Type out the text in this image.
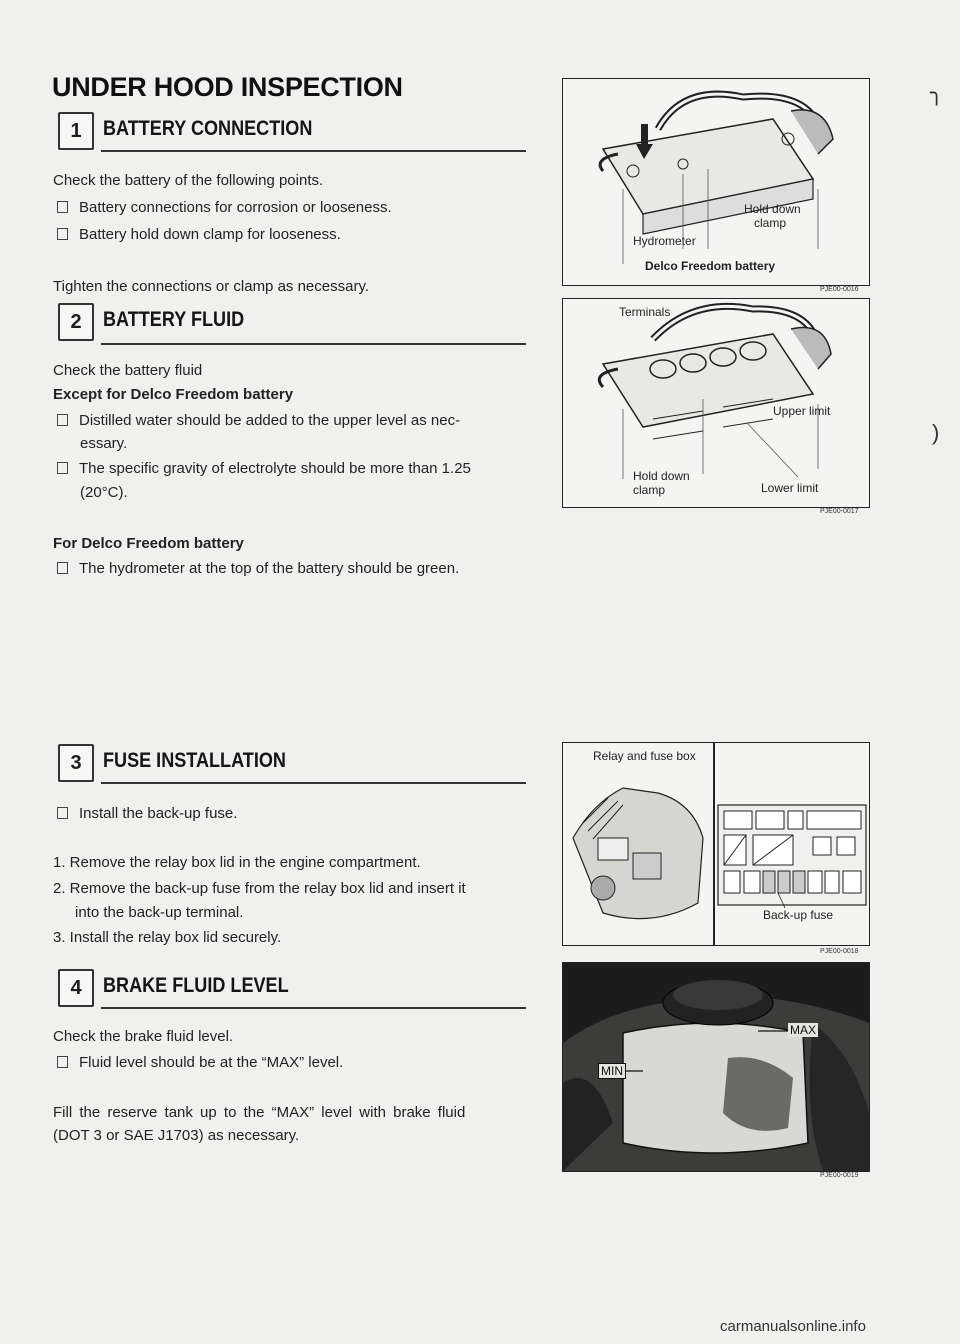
UNDER HOOD INSPECTION
1	BATTERY CONNECTION
Check the battery of the following points.
Battery connections for corrosion or looseness.
Battery hold down clamp for looseness.
Tighten the connections or clamp as necessary.
2	BATTERY FLUID
Check the battery fluid
Except for Delco Freedom battery
Distilled water should be added to the upper level as nec-
essary.
The specific gravity of electrolyte should be more than 1.25
(20°C).
For Delco Freedom battery
The hydrometer at the top of the battery should be green.
3	FUSE INSTALLATION
Install the back-up fuse.
1. Remove the relay box lid in the engine compartment.
2. Remove the back-up fuse from the relay box lid and insert it
into the back-up terminal.
3. Install the relay box lid securely.
4	BRAKE FLUID LEVEL
Check the brake fluid level.
Fluid level should be at the “MAX” level.
Fill the reserve tank up to the “MAX” level with brake fluid
(DOT 3 or SAE J1703) as necessary.
Hold down
clamp
Hydrometer
Delco Freedom battery
PJE00-0016
Terminals
Upper limit
Hold down
clamp	Lower limit
PJE00-0017
Relay and fuse box
Back-up fuse
PJE00-0018
MAX
MIN
PJE00-0019
╮
)
carmanualsonline.info
